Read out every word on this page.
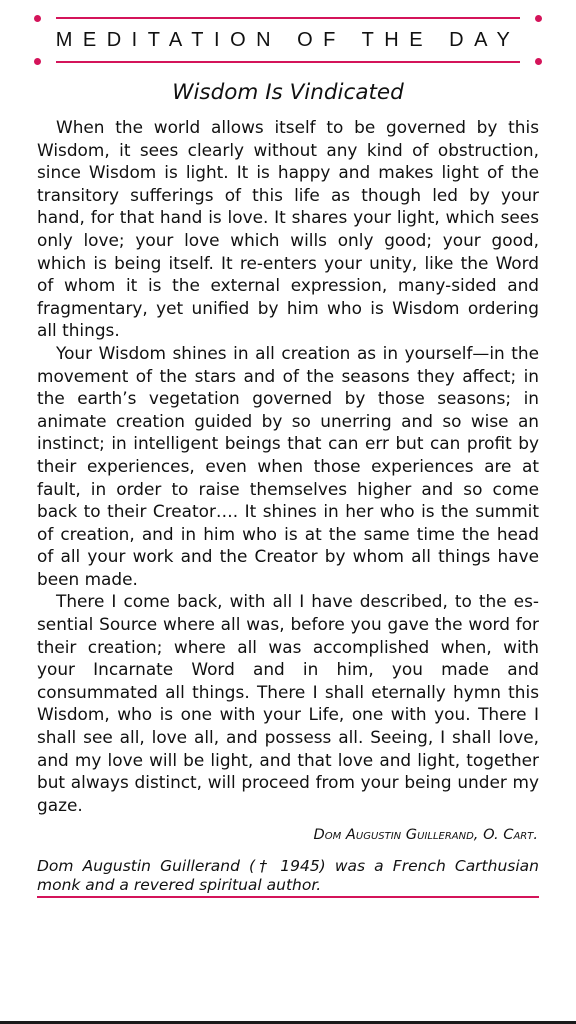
MEDITATION OF THE DAY
Wisdom Is Vindicated

When the world allows itself to be governed by this Wisdom, it sees clearly without any kind of obstruction, since Wisdom is light. It is happy and makes light of the transitory sufferings of this life as though led by your hand, for that hand is love. It shares your light, which sees only love; your love which wills only good; your good, which is being itself. It re-enters your unity, like the Word of whom it is the external expression, many-sided and fragmentary, yet unified by him who is Wisdom ordering all things.

Your Wisdom shines in all creation as in yourself—in the movement of the stars and of the seasons they affect; in the earth’s vegetation governed by those seasons; in animate creation guided by so unerring and so wise an instinct; in intelligent beings that can err but can profit by their experiences, even when those experiences are at fault, in order to raise themselves higher and so come back to their Creator…. It shines in her who is the summit of creation, and in him who is at the same time the head of all your work and the Creator by whom all things have been made.

There I come back, with all I have described, to the essential Source where all was, before you gave the word for their creation; where all was accomplished when, with your Incarnate Word and in him, you made and consummated all things. There I shall eternally hymn this Wisdom, who is one with your Life, one with you. There I shall see all, love all, and possess all. Seeing, I shall love, and my love will be light, and that love and light, together but always distinct, will proceed from your being under my gaze.

Dom Augustin Guillerand, O. Cart.
Dom Augustin Guillerand († 1945) was a French Carthusian monk and a revered spiritual author.
